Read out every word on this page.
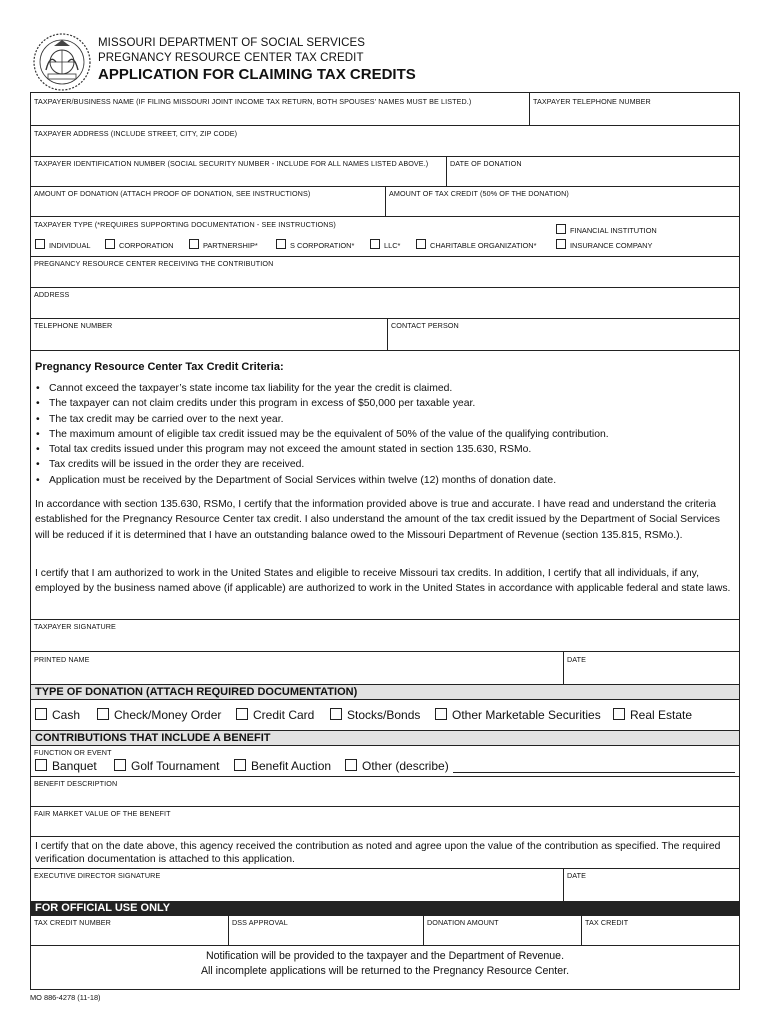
MISSOURI DEPARTMENT OF SOCIAL SERVICES
PREGNANCY RESOURCE CENTER TAX CREDIT
APPLICATION FOR CLAIMING TAX CREDITS
TAXPAYER/BUSINESS NAME (IF FILING MISSOURI JOINT INCOME TAX RETURN, BOTH SPOUSES' NAMES MUST BE LISTED.)	TAXPAYER TELEPHONE NUMBER
TAXPAYER ADDRESS (INCLUDE STREET, CITY, ZIP CODE)
TAXPAYER IDENTIFICATION NUMBER (SOCIAL SECURITY NUMBER - INCLUDE FOR ALL NAMES LISTED ABOVE.)	DATE OF DONATION
AMOUNT OF DONATION (ATTACH PROOF OF DONATION, SEE INSTRUCTIONS)	AMOUNT OF TAX CREDIT (50% OF THE DONATION)
TAXPAYER TYPE (*REQUIRES SUPPORTING DOCUMENTATION - SEE INSTRUCTIONS)
FINANCIAL INSTITUTION
INDIVIDUAL	CORPORATION	PARTNERSHIP*	S CORPORATION*	LLC*	CHARITABLE ORGANIZATION*	INSURANCE COMPANY
PREGNANCY RESOURCE CENTER RECEIVING THE CONTRIBUTION
ADDRESS
TELEPHONE NUMBER	CONTACT PERSON
Pregnancy Resource Center Tax Credit Criteria:
• Cannot exceed the taxpayer’s state income tax liability for the year the credit is claimed.
• The taxpayer can not claim credits under this program in excess of $50,000 per taxable year.
• The tax credit may be carried over to the next year.
• The maximum amount of eligible tax credit issued may be the equivalent of 50% of the value of the qualifying contribution.
• Total tax credits issued under this program may not exceed the amount stated in section 135.630, RSMo.
• Tax credits will be issued in the order they are received.
• Application must be received by the Department of Social Services within twelve (12) months of donation date.
In accordance with section 135.630, RSMo, I certify that the information provided above is true and accurate. I have read and understand the criteria established for the Pregnancy Resource Center tax credit. I also understand the amount of the tax credit issued by the Department of Social Services will be reduced if it is determined that I have an outstanding balance owed to the Missouri Department of Revenue (section 135.815, RSMo.).
I certify that I am authorized to work in the United States and eligible to receive Missouri tax credits. In addition, I certify that all individuals, if any, employed by the business named above (if applicable) are authorized to work in the United States in accordance with applicable federal and state laws.
TAXPAYER SIGNATURE
PRINTED NAME	DATE
TYPE OF DONATION (ATTACH REQUIRED DOCUMENTATION)
Cash	Check/Money Order	Credit Card	Stocks/Bonds	Other Marketable Securities	Real Estate
CONTRIBUTIONS THAT INCLUDE A BENEFIT
FUNCTION OR EVENT
Banquet	Golf Tournament	Benefit Auction	Other (describe)
BENEFIT DESCRIPTION
FAIR MARKET VALUE OF THE BENEFIT
I certify that on the date above, this agency received the contribution as noted and agree upon the value of the contribution as specified. The required verification documentation is attached to this application.
EXECUTIVE DIRECTOR SIGNATURE	DATE
FOR OFFICIAL USE ONLY
TAX CREDIT NUMBER	DSS APPROVAL	DONATION AMOUNT	TAX CREDIT
Notification will be provided to the taxpayer and the Department of Revenue.
All incomplete applications will be returned to the Pregnancy Resource Center.
MO 886-4278 (11-18)
